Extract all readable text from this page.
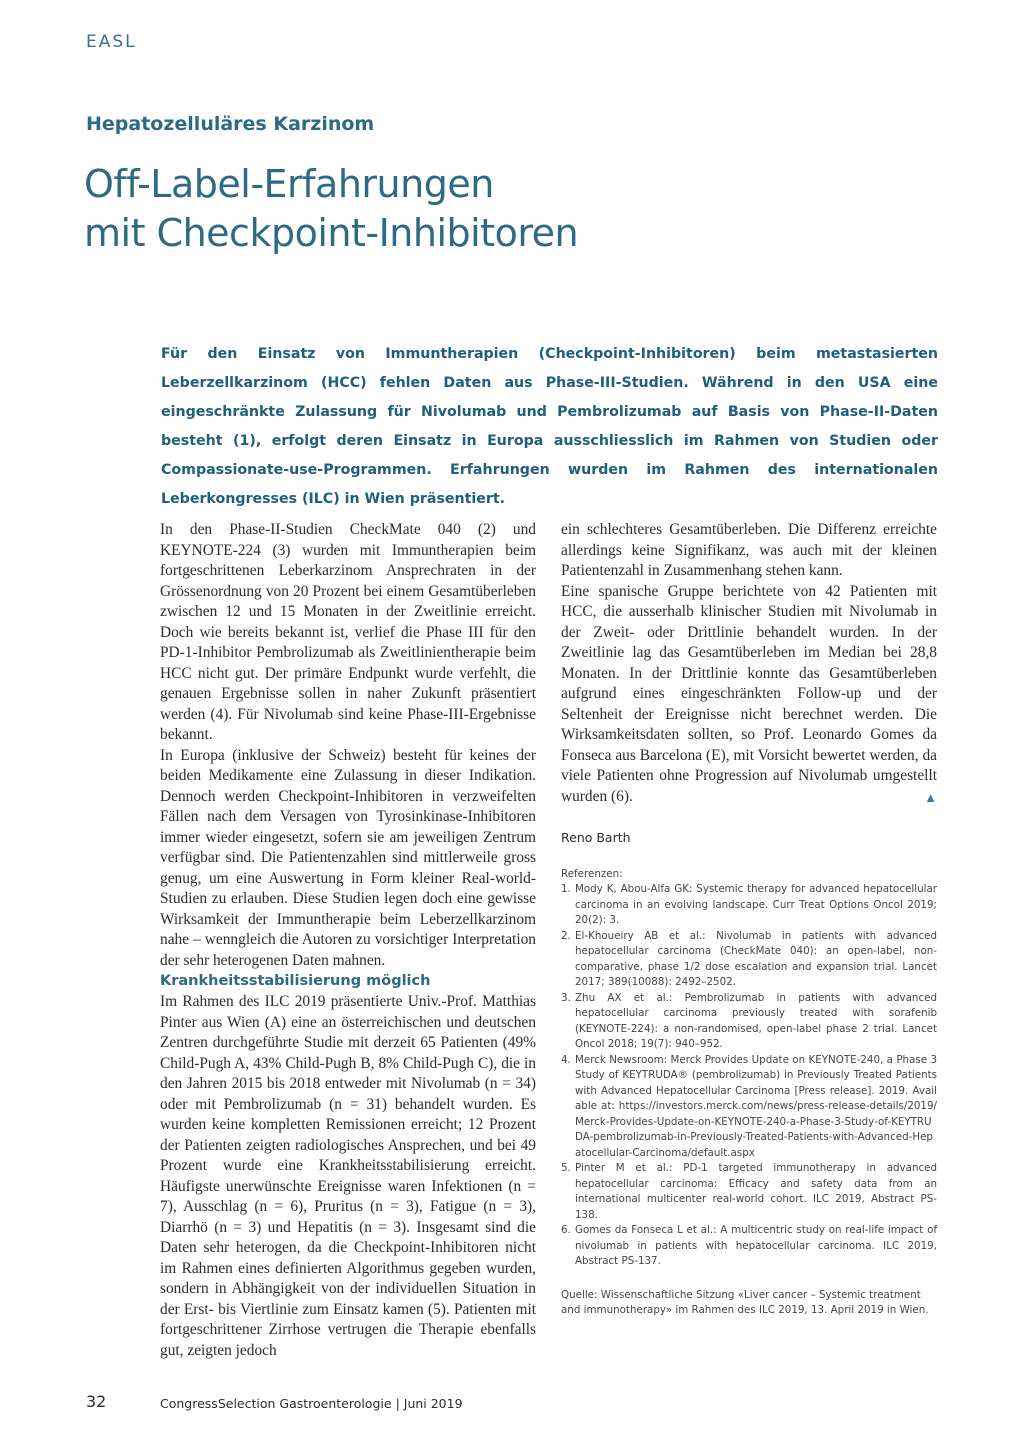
EASL
Hepatozelluläres Karzinom
Off-Label-Erfahrungen
mit Checkpoint-Inhibitoren

Für den Einsatz von Immuntherapien (Checkpoint-Inhibitoren) beim metastasierten Leberzellkarzinom (HCC) fehlen Daten aus Phase-III-Studien. Während in den USA eine eingeschränkte Zulassung für Nivolumab und Pembrolizumab auf Basis von Phase-II-Daten besteht (1), erfolgt deren Einsatz in Europa ausschliesslich im Rahmen von Studien oder Compassionate-use-Programmen. Erfahrungen wurden im Rahmen des internationalen Leberkongresses (ILC) in Wien präsentiert.

In den Phase-II-Studien CheckMate 040 (2) und KEYNOTE-224 (3) wurden mit Immuntherapien beim fortgeschrittenen Leberkarzinom Ansprechraten in der Grössenordnung von 20 Prozent bei einem Gesamtüberleben zwischen 12 und 15 Monaten in der Zweitlinie erreicht. Doch wie bereits bekannt ist, verlief die Phase III für den PD-1-Inhibitor Pembrolizumab als Zweitlinientherapie beim HCC nicht gut. Der primäre Endpunkt wurde verfehlt, die genauen Ergebnisse sollen in naher Zukunft präsentiert werden (4). Für Nivolumab sind keine Phase-III-Ergebnisse bekannt.

In Europa (inklusive der Schweiz) besteht für keines der beiden Medikamente eine Zulassung in dieser Indikation. Dennoch werden Checkpoint-Inhibitoren in verzweifelten Fällen nach dem Versagen von Tyrosinkinase-Inhibitoren immer wieder eingesetzt, sofern sie am jeweiligen Zentrum verfügbar sind. Die Patientenzahlen sind mittlerweile gross genug, um eine Auswertung in Form kleiner Real-world-Studien zu erlauben. Diese Studien legen doch eine gewisse Wirksamkeit der Immuntherapie beim Leberzellkarzinom nahe – wenngleich die Autoren zu vorsichtiger Interpretation der sehr heterogenen Daten mahnen.

Krankheitsstabilisierung möglich

Im Rahmen des ILC 2019 präsentierte Univ.-Prof. Matthias Pinter aus Wien (A) eine an österreichischen und deutschen Zentren durchgeführte Studie mit derzeit 65 Patienten (49% Child-Pugh A, 43% Child-Pugh B, 8% Child-Pugh C), die in den Jahren 2015 bis 2018 entweder mit Nivolumab (n = 34) oder mit Pembrolizumab (n = 31) behandelt wurden. Es wurden keine kompletten Remissionen erreicht; 12 Prozent der Patienten zeigten radiologisches Ansprechen, und bei 49 Prozent wurde eine Krankheitsstabilisierung erreicht. Häufigste unerwünschte Ereignisse waren Infektionen (n = 7), Ausschlag (n = 6), Pruritus (n = 3), Fatigue (n = 3), Diarrhö (n = 3) und Hepatitis (n = 3). Insgesamt sind die Daten sehr heterogen, da die Checkpoint-Inhibitoren nicht im Rahmen eines definierten Algorithmus gegeben wurden, sondern in Abhängigkeit von der individuellen Situation in der Erst- bis Viertlinie zum Einsatz kamen (5). Patienten mit fortgeschrittener Zirrhose vertrugen die Therapie ebenfalls gut, zeigten jedoch

ein schlechteres Gesamtüberleben. Die Differenz erreichte allerdings keine Signifikanz, was auch mit der kleinen Patientenzahl in Zusammenhang stehen kann.

Eine spanische Gruppe berichtete von 42 Patienten mit HCC, die ausserhalb klinischer Studien mit Nivolumab in der Zweit- oder Drittlinie behandelt wurden. In der Zweitlinie lag das Gesamtüberleben im Median bei 28,8 Monaten. In der Drittlinie konnte das Gesamtüberleben aufgrund eines eingeschränkten Follow-up und der Seltenheit der Ereignisse nicht berechnet werden. Die Wirksamkeitsdaten sollten, so Prof. Leonardo Gomes da Fonseca aus Barcelona (E), mit Vorsicht bewertet werden, da viele Patienten ohne Progression auf Nivolumab umgestellt wurden (6).	▲

Reno Barth

Referenzen:

1. Mody K, Abou-Alfa GK: Systemic therapy for advanced hepatocellular carcinoma in an evolving landscape. Curr Treat Options Oncol 2019; 20(2): 3.
2. El-Khoueiry AB et al.: Nivolumab in patients with advanced hepatocellular carcinoma (CheckMate 040): an open-label, non-comparative, phase 1/2 dose escalation and expansion trial. Lancet 2017; 389(10088): 2492–2502.
3. Zhu AX et al.: Pembrolizumab in patients with advanced hepatocellular carcinoma previously treated with sorafenib (KEYNOTE-224): a non-randomised, open-label phase 2 trial. Lancet Oncol 2018; 19(7): 940–952.
4. Merck Newsroom: Merck Provides Update on KEYNOTE-240, a Phase 3 Study of KEYTRUDA® (pembrolizumab) in Previously Treated Patients with Advanced Hepatocellular Carcinoma [Press release]. 2019. Available at: https://investors.merck.com/news/press-release-details/2019/Merck-Provides-Update-on-KEYNOTE-240-a-Phase-3-Study-of-KEYTRUDA-pembrolizumab-in-Previously-Treated-Patients-with-Advanced-Hepatocellular-Carcinoma/default.aspx
5. Pinter M et al.: PD-1 targeted immunotherapy in advanced hepatocellular carcinoma: Efficacy and safety data from an international multicenter real-world cohort. ILC 2019, Abstract PS-138.
6. Gomes da Fonseca L et al.: A multicentric study on real-life impact of nivolumab in patients with hepatocellular carcinoma. ILC 2019, Abstract PS-137.

Quelle: Wissenschaftliche Sitzung «Liver cancer – Systemic treatment and immunotherapy» im Rahmen des ILC 2019, 13. April 2019 in Wien.

32	CongressSelection Gastroenterologie | Juni 2019
